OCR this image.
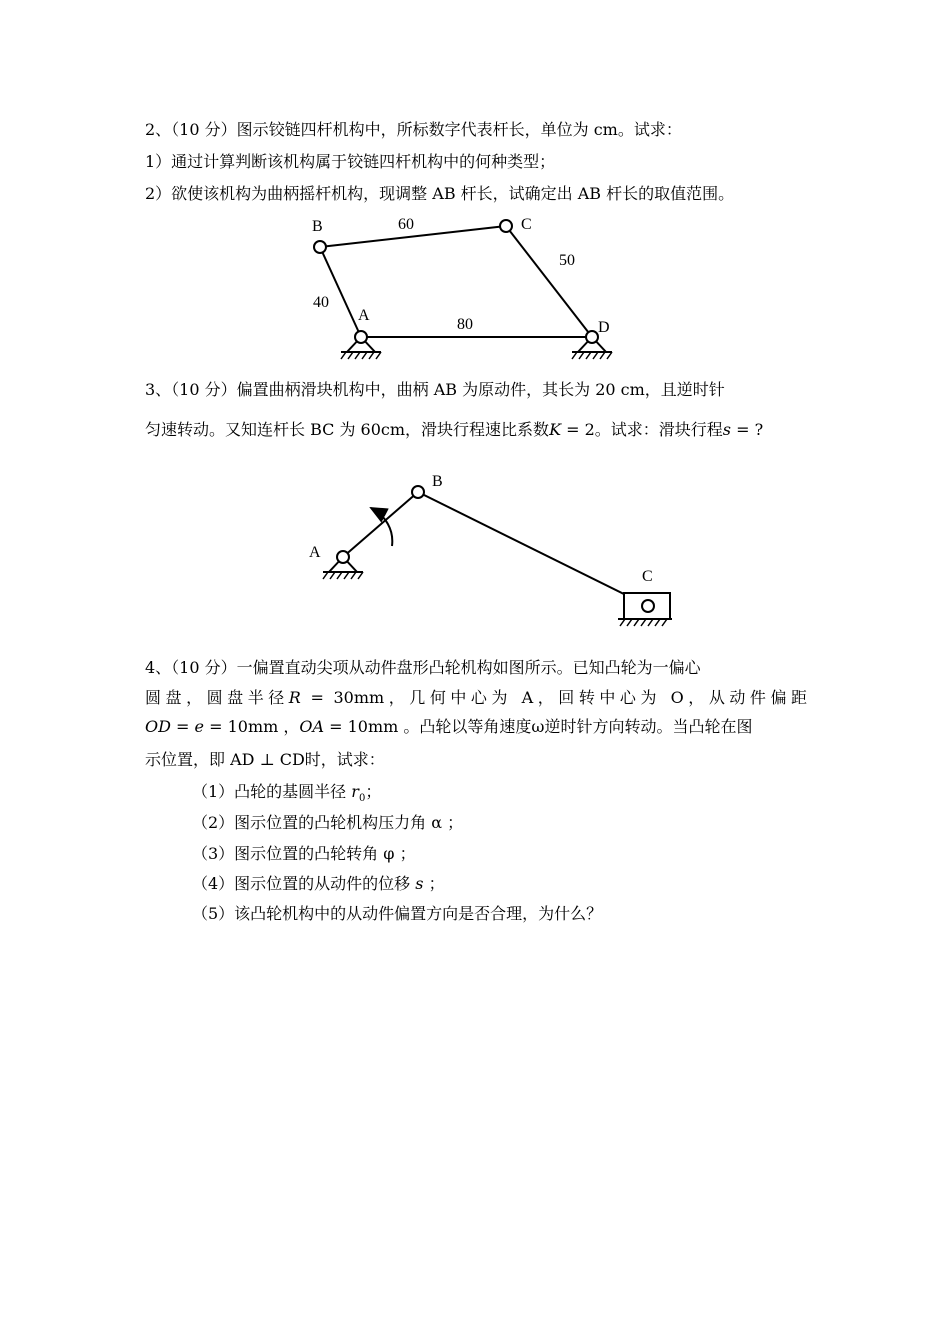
2、（10 分）图示铰链四杆机构中，所标数字代表杆长，单位为 cm。试求：
1）通过计算判断该机构属于铰链四杆机构中的何种类型；
2）欲使该机构为曲柄摇杆机构，现调整 AB 杆长，试确定出 AB 杆长的取值范围。
B	C
A
D
60
50
40
80
B
A
C
3、（10 分）偏置曲柄滑块机构中，曲柄 AB 为原动件，其长为 20 cm，且逆时针
匀速转动。又知连杆长 BC 为 60cm，滑块行程速比系数K = 2。试求：滑块行程s = ?
4、（10 分）一偏置直动尖项从动件盘形凸轮机构如图所示。已知凸轮为一偏心
圆盘，圆盘半径R = 30mm，几何中心为 A，回转中心为 O，从动件偏距
OD = e = 10mm ，OA = 10mm 。凸轮以等角速度ω逆时针方向转动。当凸轮在图
示位置，即 AD ⊥ CD时，试求：
（1）凸轮的基圆半径 $r_0$；
（2）图示位置的凸轮机构压力角 α ；
（3）图示位置的凸轮转角 φ ；
（4）图示位置的从动件的位移 s ；
（5）该凸轮机构中的从动件偏置方向是否合理，为什么？
